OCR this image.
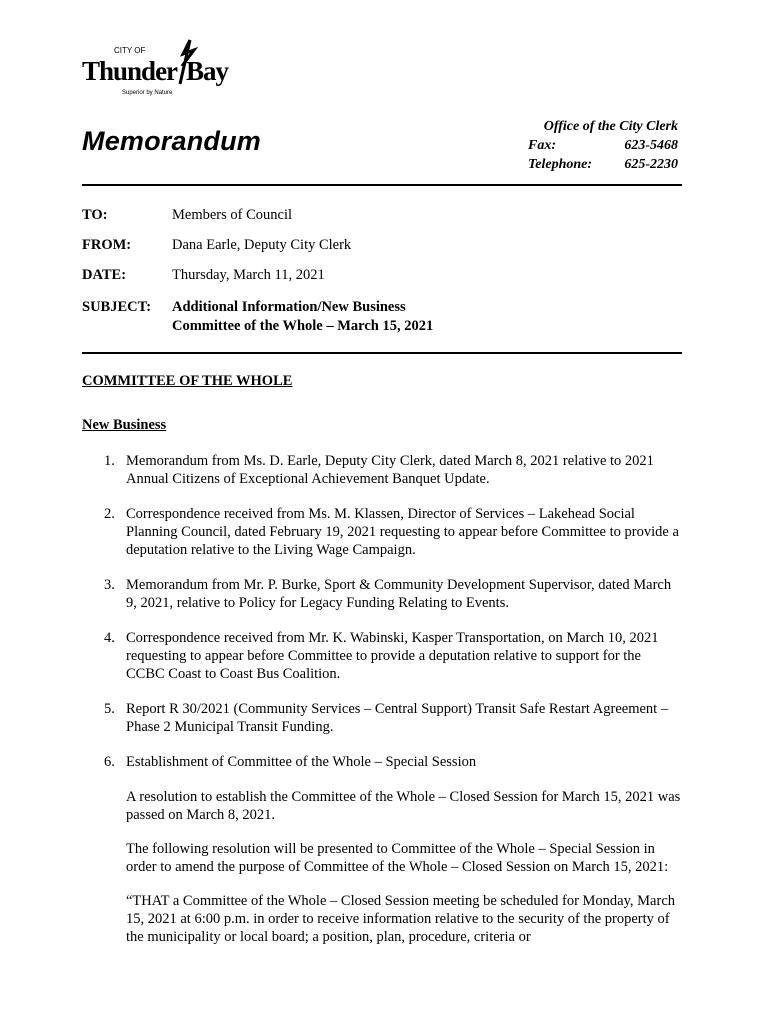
CITY OF
Thunder Bay
Superior by Nature
Memorandum	Office of the City Clerk
Fax:	623-5468
Telephone: 625-2230
TO:	Members of Council
FROM:	Dana Earle, Deputy City Clerk
DATE:	Thursday, March 11, 2021
SUBJECT: Additional Information/New Business
Committee of the Whole – March 15, 2021
COMMITTEE OF THE WHOLE
New Business
1. Memorandum from Ms. D. Earle, Deputy City Clerk, dated March 8, 2021 relative to 2021 Annual Citizens of Exceptional Achievement Banquet Update.
2. Correspondence received from Ms. M. Klassen, Director of Services – Lakehead Social Planning Council, dated February 19, 2021 requesting to appear before Committee to provide a deputation relative to the Living Wage Campaign.
3. Memorandum from Mr. P. Burke, Sport & Community Development Supervisor, dated March 9, 2021, relative to Policy for Legacy Funding Relating to Events.
4. Correspondence received from Mr. K. Wabinski, Kasper Transportation, on March 10, 2021 requesting to appear before Committee to provide a deputation relative to support for the CCBC Coast to Coast Bus Coalition.
5. Report R 30/2021 (Community Services – Central Support) Transit Safe Restart Agreement – Phase 2 Municipal Transit Funding.
6. Establishment of Committee of the Whole – Special Session

A resolution to establish the Committee of the Whole – Closed Session for March 15, 2021 was passed on March 8, 2021.

The following resolution will be presented to Committee of the Whole – Special Session in order to amend the purpose of Committee of the Whole – Closed Session on March 15, 2021:

“THAT a Committee of the Whole – Closed Session meeting be scheduled for Monday, March 15, 2021 at 6:00 p.m. in order to receive information relative to the security of the property of the municipality or local board; a position, plan, procedure, criteria or
